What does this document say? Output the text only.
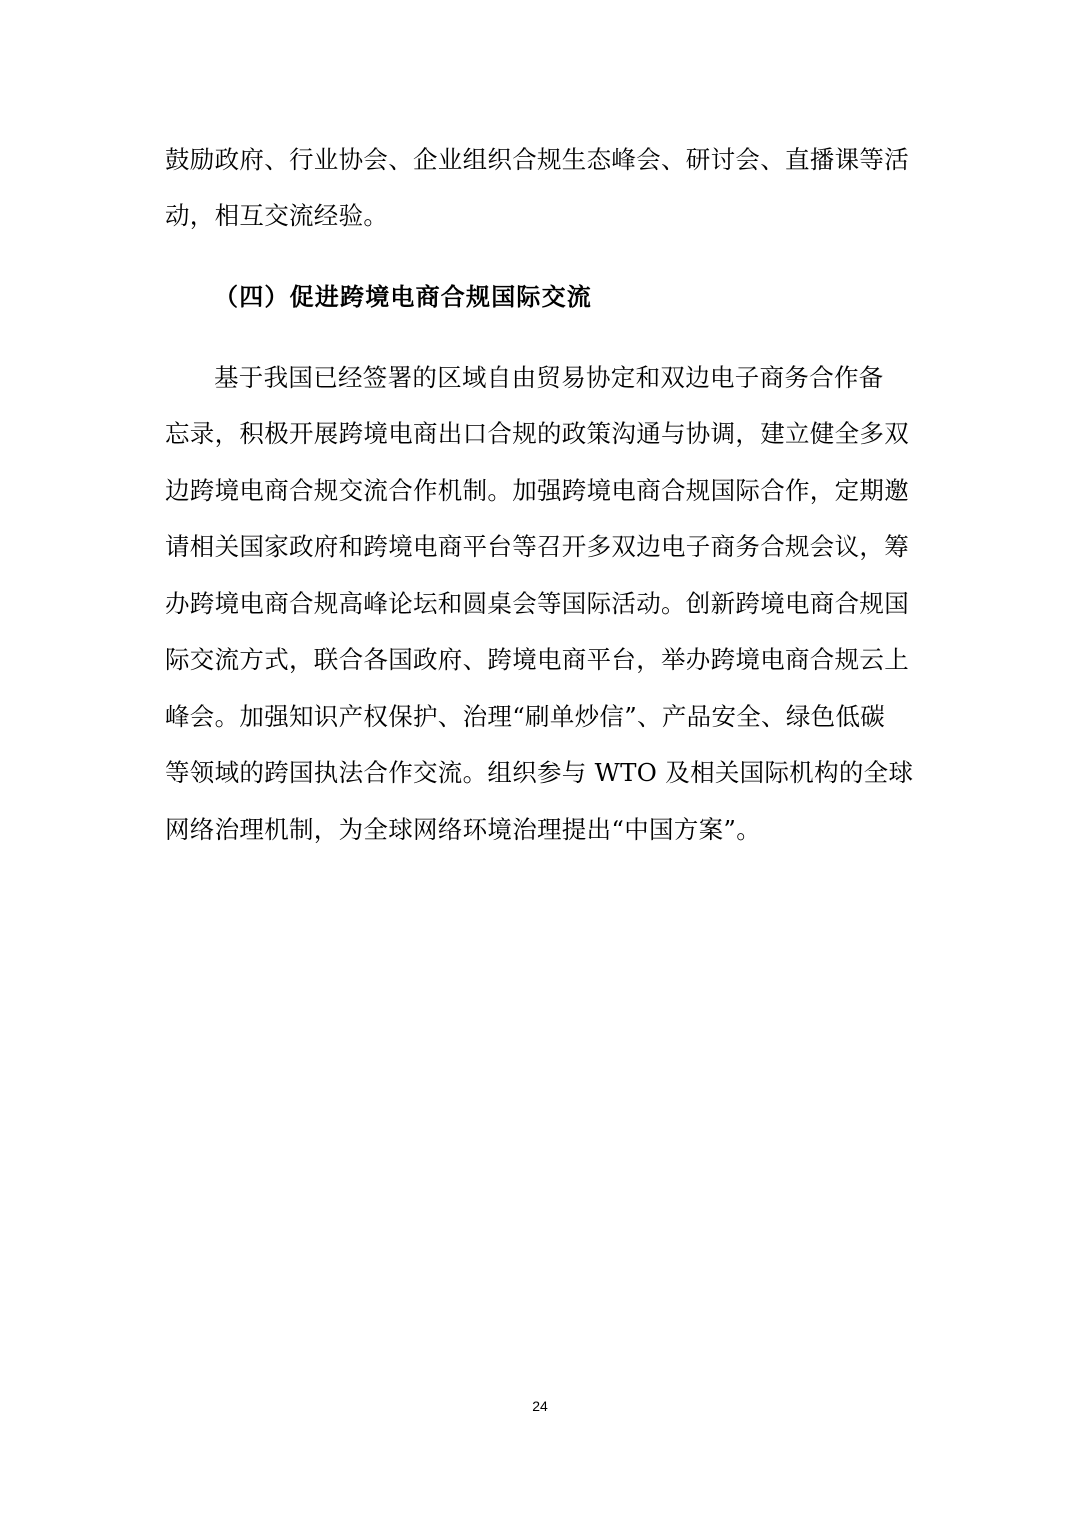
鼓励政府、行业协会、企业组织合规生态峰会、研讨会、直播课等活
动，相互交流经验。
（四）促进跨境电商合规国际交流
基于我国已经签署的区域自由贸易协定和双边电子商务合作备
忘录，积极开展跨境电商出口合规的政策沟通与协调，建立健全多双
边跨境电商合规交流合作机制。加强跨境电商合规国际合作，定期邀
请相关国家政府和跨境电商平台等召开多双边电子商务合规会议，筹
办跨境电商合规高峰论坛和圆桌会等国际活动。创新跨境电商合规国
际交流方式，联合各国政府、跨境电商平台，举办跨境电商合规云上
峰会。加强知识产权保护、治理“刷单炒信”、产品安全、绿色低碳
等领域的跨国执法合作交流。组织参与 WTO 及相关国际机构的全球
网络治理机制，为全球网络环境治理提出“中国方案”。
24
